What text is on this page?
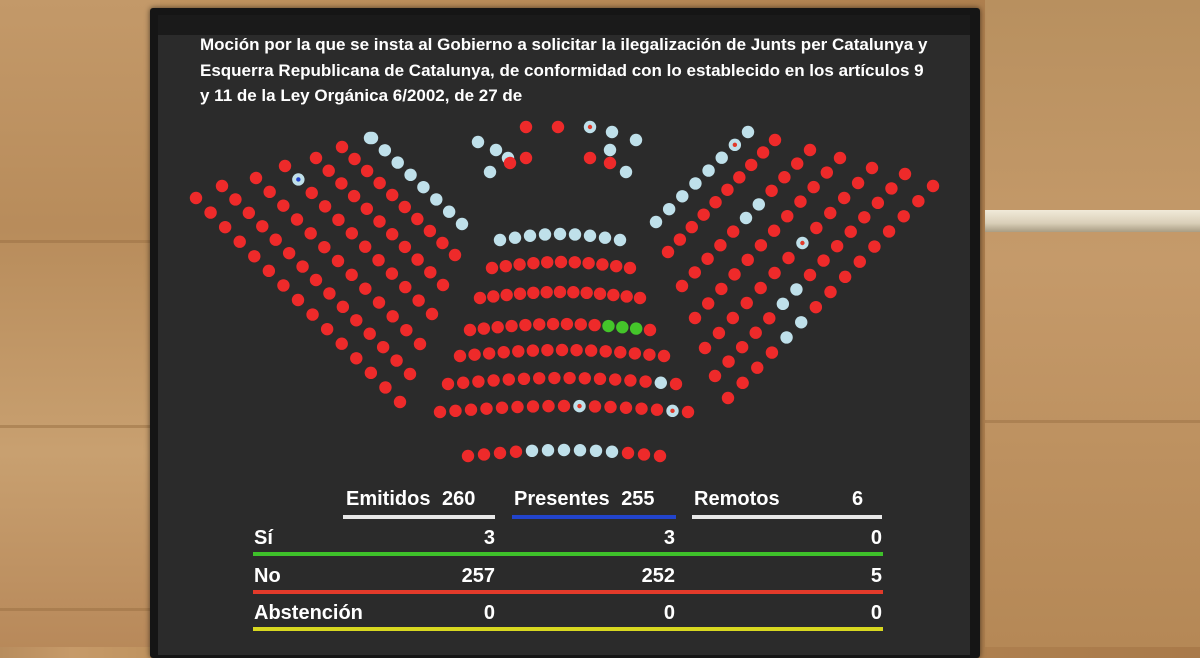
Moción por la que se insta al Gobierno a solicitar la ilegalización de Junts per Catalunya y Esquerra Republicana de Catalunya, de conformidad con lo establecido en los artículos 9 y 11 de la Ley Orgánica 6/2002, de 27 de
Emitidos 260 Presentes 255 Remotos	6
Sí	3	3	0
No	257	252	5
Abstención	0	0	0
